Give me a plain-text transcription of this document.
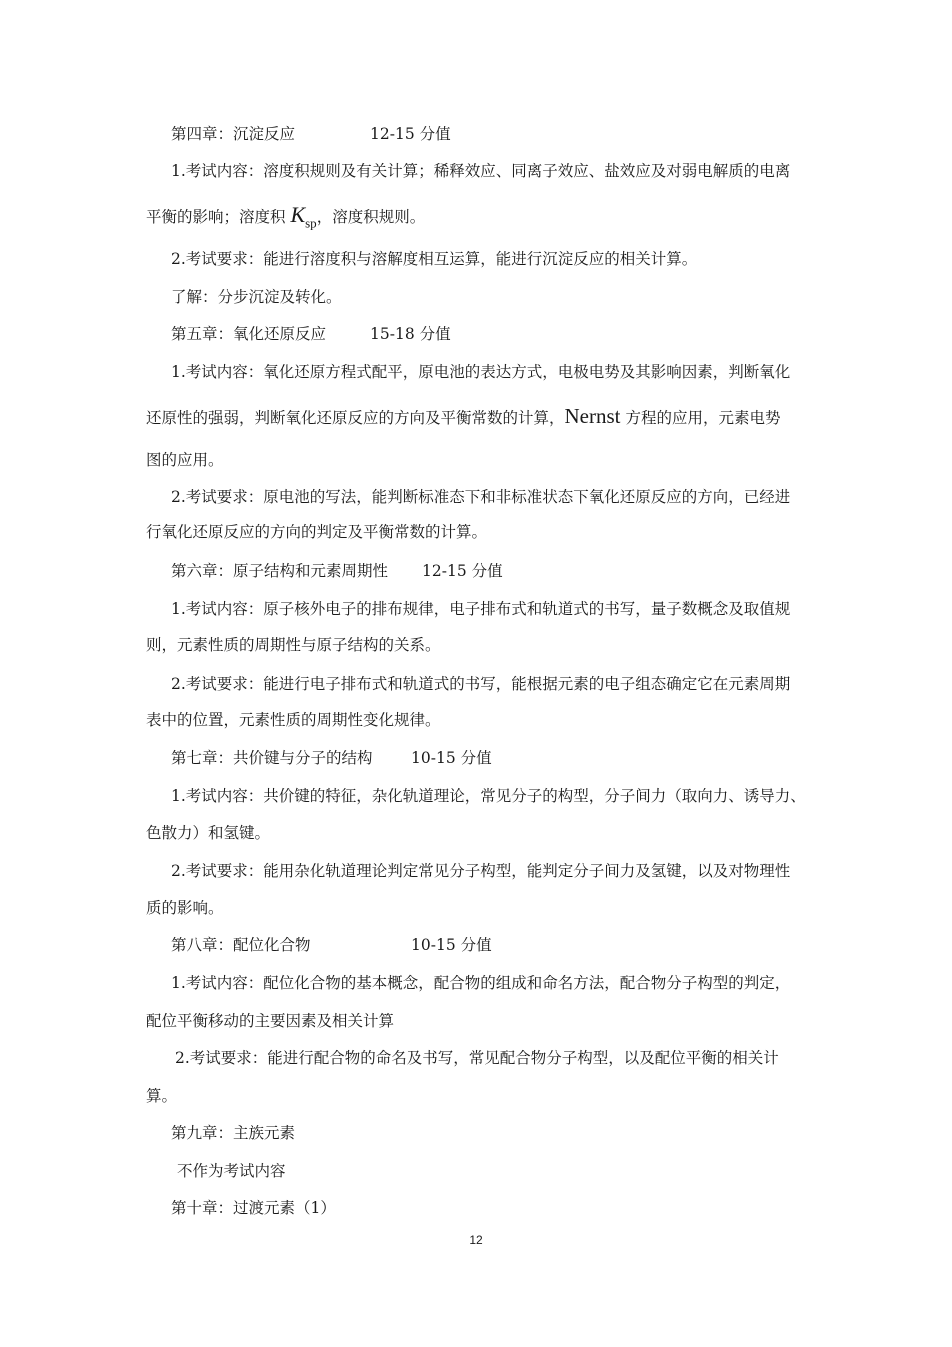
第四章：沉淀反应	12-15 分值
1.考试内容：溶度积规则及有关计算；稀释效应、同离子效应、盐效应及对弱电解质的电离
平衡的影响；溶度积 $K_{sp}$，溶度积规则。
2.考试要求：能进行溶度积与溶解度相互运算，能进行沉淀反应的相关计算。
了解：分步沉淀及转化。
第五章：氧化还原反应	15-18 分值
1.考试内容：氧化还原方程式配平，原电池的表达方式，电极电势及其影响因素，判断氧化
还原性的强弱，判断氧化还原反应的方向及平衡常数的计算，Nernst 方程的应用，元素电势
图的应用。
2.考试要求：原电池的写法，能判断标准态下和非标准状态下氧化还原反应的方向，已经进
行氧化还原反应的方向的判定及平衡常数的计算。
第六章：原子结构和元素周期性 12-15 分值
1.考试内容：原子核外电子的排布规律，电子排布式和轨道式的书写，量子数概念及取值规
则，元素性质的周期性与原子结构的关系。
2.考试要求：能进行电子排布式和轨道式的书写，能根据元素的电子组态确定它在元素周期
表中的位置，元素性质的周期性变化规律。
第七章：共价键与分子的结构 10-15 分值
1.考试内容：共价键的特征，杂化轨道理论，常见分子的构型，分子间力（取向力、诱导力、
色散力）和氢键。
2.考试要求：能用杂化轨道理论判定常见分子构型，能判定分子间力及氢键，以及对物理性
质的影响。
第八章：配位化合物	10-15 分值
1.考试内容：配位化合物的基本概念，配合物的组成和命名方法，配合物分子构型的判定，
配位平衡移动的主要因素及相关计算
2.考试要求：能进行配合物的命名及书写，常见配合物分子构型，以及配位平衡的相关计
算。
第九章：主族元素
不作为考试内容
第十章：过渡元素（1）
12
